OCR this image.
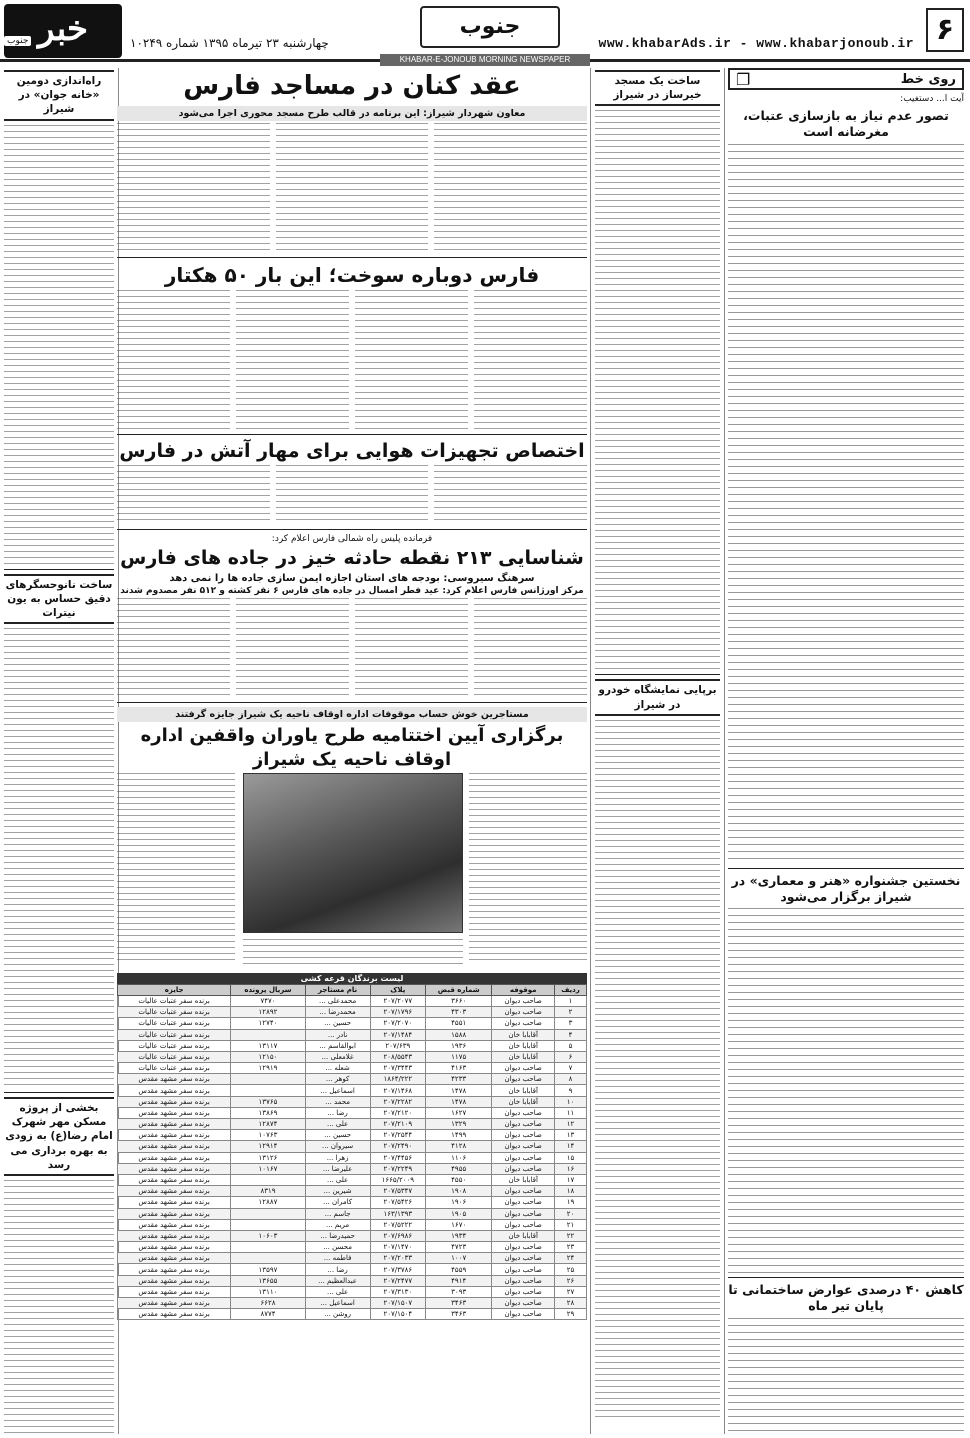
۶
www.khabarAds.ir - www.khabarjonoub.ir
جنوب
چهارشنبه ۲۳ تیرماه ۱۳۹۵ شماره ۱۰۲۴۹
خبر
جنوب
KHABAR-E-JONOUB MORNING NEWSPAPER
روی خط
❐
آیت ا... دستغیب:
تصور عدم نیاز به بازسازی عتبات، مغرضانه است
نخستین جشنواره «هنر و معماری» در شیراز برگزار می‌شود
کاهش ۴۰ درصدی عوارض ساختمانی تا پایان تیر ماه
ساخت یک مسجد خیرساز در شیراز
برپایی نمایشگاه خودرو در شیراز
عقد کنان در مساجد فارس
معاون شهردار شیراز: این برنامه در قالب طرح مسجد محوری اجرا می‌شود
فارس دوباره سوخت؛ این بار ۵۰ هکتار
اختصاص تجهیزات هوایی برای مهار آتش در فارس
فرمانده پلیس راه شمالی فارس اعلام کرد:
شناسایی ۲۱۳ نقطه حادثه خیز در جاده های فارس
سرهنگ سیروسی: بودجه های استان اجازه ایمن سازی جاده ها را نمی دهد
مرکز اورژانس فارس اعلام کرد: عید فطر امسال در جاده های فارس ۶ نفر کشته و ۵۱۲ نفر مصدوم شدند
مستاجرین خوش حساب موقوفات اداره اوقاف ناحیه یک شیراز جایزه گرفتند
برگزاری آیین اختتامیه طرح یاوران واقفین اداره اوقاف ناحیه یک شیراز
لیست برندگان قرعه کشی
ردیف	موقوفه	شماره قبض	پلاک	نام مستاجر	سریال پرونده	جایزه
۱	صاحب دیوان	۳۶۶۰	۲۰۷/۲۰۷۷	محمدعلی ...	۷۴۷۰	برنده سفر عتبات عالیات
۲	صاحب دیوان	۴۳۰۳	۲۰۷/۱۷۹۶	محمدرضا ...	۱۲۸۹۲	برنده سفر عتبات عالیات
۳	صاحب دیوان	۴۵۵۱	۲۰۷/۲۰۷۰	حسین ...	۱۲۷۴۰	برنده سفر عتبات عالیات
۴	آقابابا خان	۱۵۸۸	۲۰۷/۱۴۸۴	نادر ...		برنده سفر عتبات عالیات
۵	آقابابا خان	۱۹۳۶	۲۰۷/۶۳۹	ابوالقاسم ...	۱۳۱۱۷	برنده سفر عتبات عالیات
۶	آقابابا خان	۱۱۷۵	۲۰۸/۵۵۴۳	غلامعلی ...	۱۲۱۵۰	برنده سفر عتبات عالیات
۷	صاحب دیوان	۴۱۶۳	۲۰۷/۳۴۴۳	شعله ...	۱۲۹۱۹	برنده سفر عتبات عالیات
۸	صاحب دیوان	۴۲۳۳	۱۸۶۴/۲۲۲	کوهر ...		برنده سفر مشهد مقدس
۹	آقابابا خان	۱۴۷۸	۲۰۷/۱۴۶۸	اسماعیل ...		برنده سفر مشهد مقدس
۱۰	آقابابا خان	۱۴۷۸	۲۰۷/۲۲۸۲	محمد ...	۱۳۷۶۵	برنده سفر مشهد مقدس
۱۱	صاحب دیوان	۱۶۲۷	۲۰۷/۲۱۲۰	رضا ...	۱۳۸۶۹	برنده سفر مشهد مقدس
۱۲	صاحب دیوان	۱۳۲۹	۲۰۷/۲۱۰۹	علی ...	۱۲۸۷۴	برنده سفر مشهد مقدس
۱۳	صاحب دیوان	۱۴۹۹	۲۰۷/۲۵۴۴	حسین ...	۱۰۷۶۳	برنده سفر مشهد مقدس
۱۴	صاحب دیوان	۴۱۲۸	۲۰۷/۲۴۹۰	سیروان ...	۱۲۹۱۴	برنده سفر مشهد مقدس
۱۵	صاحب دیوان	۱۱۰۶	۲۰۷/۴۴۵۶	زهرا ...	۱۳۱۲۶	برنده سفر مشهد مقدس
۱۶	صاحب دیوان	۴۹۵۵	۲۰۷/۲۲۴۹	علیرضا ...	۱۰۱۶۷	برنده سفر مشهد مقدس
۱۷	آقابابا خان	۴۵۵۰	۱۶۶۵/۲۰۰۹	علی ...		برنده سفر مشهد مقدس
۱۸	صاحب دیوان	۱۹۰۸	۲۰۷/۵۳۴۷	شیرین ...	۸۳۱۹	برنده سفر مشهد مقدس
۱۹	صاحب دیوان	۱۹۰۶	۲۰۷/۵۴۲۶	کامران ...	۱۲۸۸۷	برنده سفر مشهد مقدس
۲۰	صاحب دیوان	۱۹۰۵	۱۶۳/۱۳۹۳	جاسم ...		برنده سفر مشهد مقدس
۲۱	صاحب دیوان	۱۶۷۰	۲۰۷/۵۲۲۲	مریم ...		برنده سفر مشهد مقدس
۲۲	آقابابا خان	۱۹۳۴	۲۰۷/۶۹۸۶	حمیدرضا ...	۱۰۶۰۳	برنده سفر مشهد مقدس
۲۳	صاحب دیوان	۴۷۲۳	۲۰۷/۱۴۷۰	محسن ...		برنده سفر مشهد مقدس
۲۴	صاحب دیوان	۱۰۰۷	۲۰۷/۲۰۳۳	فاطمه ...		برنده سفر مشهد مقدس
۲۵	صاحب دیوان	۴۵۵۹	۲۰۷/۳۷۸۶	رضا ...	۱۳۵۹۷	برنده سفر مشهد مقدس
۲۶	صاحب دیوان	۴۹۱۴	۲۰۷/۲۴۷۷	عبدالعظیم ...	۱۳۶۵۵	برنده سفر مشهد مقدس
۲۷	صاحب دیوان	۳۰۹۳	۲۰۷/۳۱۳۰	علی ...	۱۳۱۱۰	برنده سفر مشهد مقدس
۲۸	صاحب دیوان	۳۴۶۳	۲۰۷/۱۵۰۷	اسماعیل ...	۶۶۲۸	برنده سفر مشهد مقدس
۲۹	صاحب دیوان	۳۴۶۳	۲۰۷/۱۵۰۴	روشن ...	۸۷۷۴	برنده سفر مشهد مقدس
راه‌اندازی دومین «خانه جوان» در شیراز
ساخت نانوحسگرهای دقیق حساس به یون نیترات
بخشی از پروژه مسکن مهر شهرک امام رضا(ع) به زودی به بهره برداری می رسد
